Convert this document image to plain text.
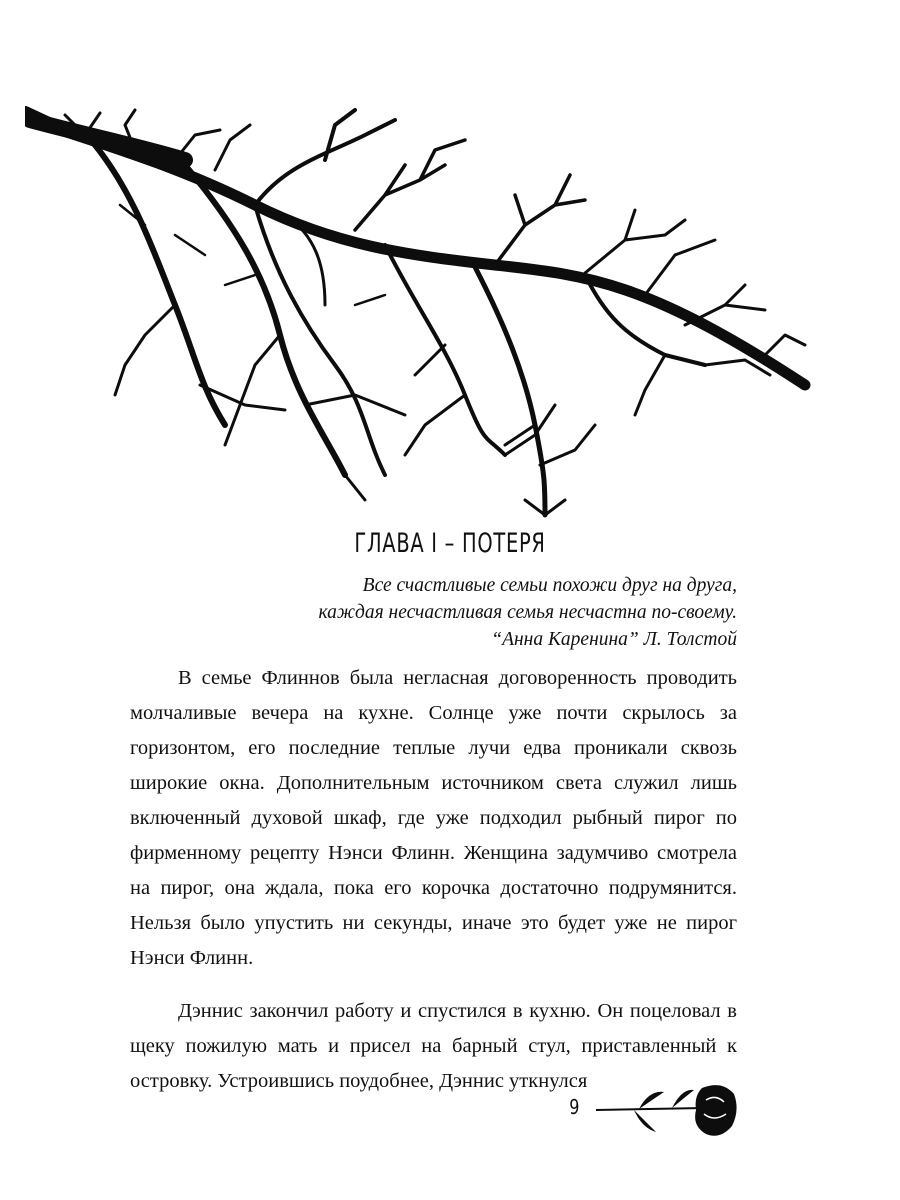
ГЛАВА I – ПОТЕРЯ
Все счастливые семьи похожи друг на друга,
каждая несчастливая семья несчастна по-своему.
“Анна Каренина” Л. Толстой

В семье Флиннов была негласная договоренность проводить молчаливые вечера на кухне. Солнце уже почти скрылось за горизонтом, его последние теплые лучи едва проникали сквозь широкие окна. Дополнительным источником света служил лишь включенный духовой шкаф, где уже подходил рыбный пирог по фирменному рецепту Нэнси Флинн. Женщина задумчиво смотрела на пирог, она ждала, пока его корочка достаточно подрумянится. Нельзя было упустить ни секунды, иначе это будет уже не пирог Нэнси Флинн.

Дэннис закончил работу и спустился в кухню. Он поцеловал в щеку пожилую мать и присел на барный стул, приставленный к островку. Устроившись поудобнее, Дэннис уткнулся

9
